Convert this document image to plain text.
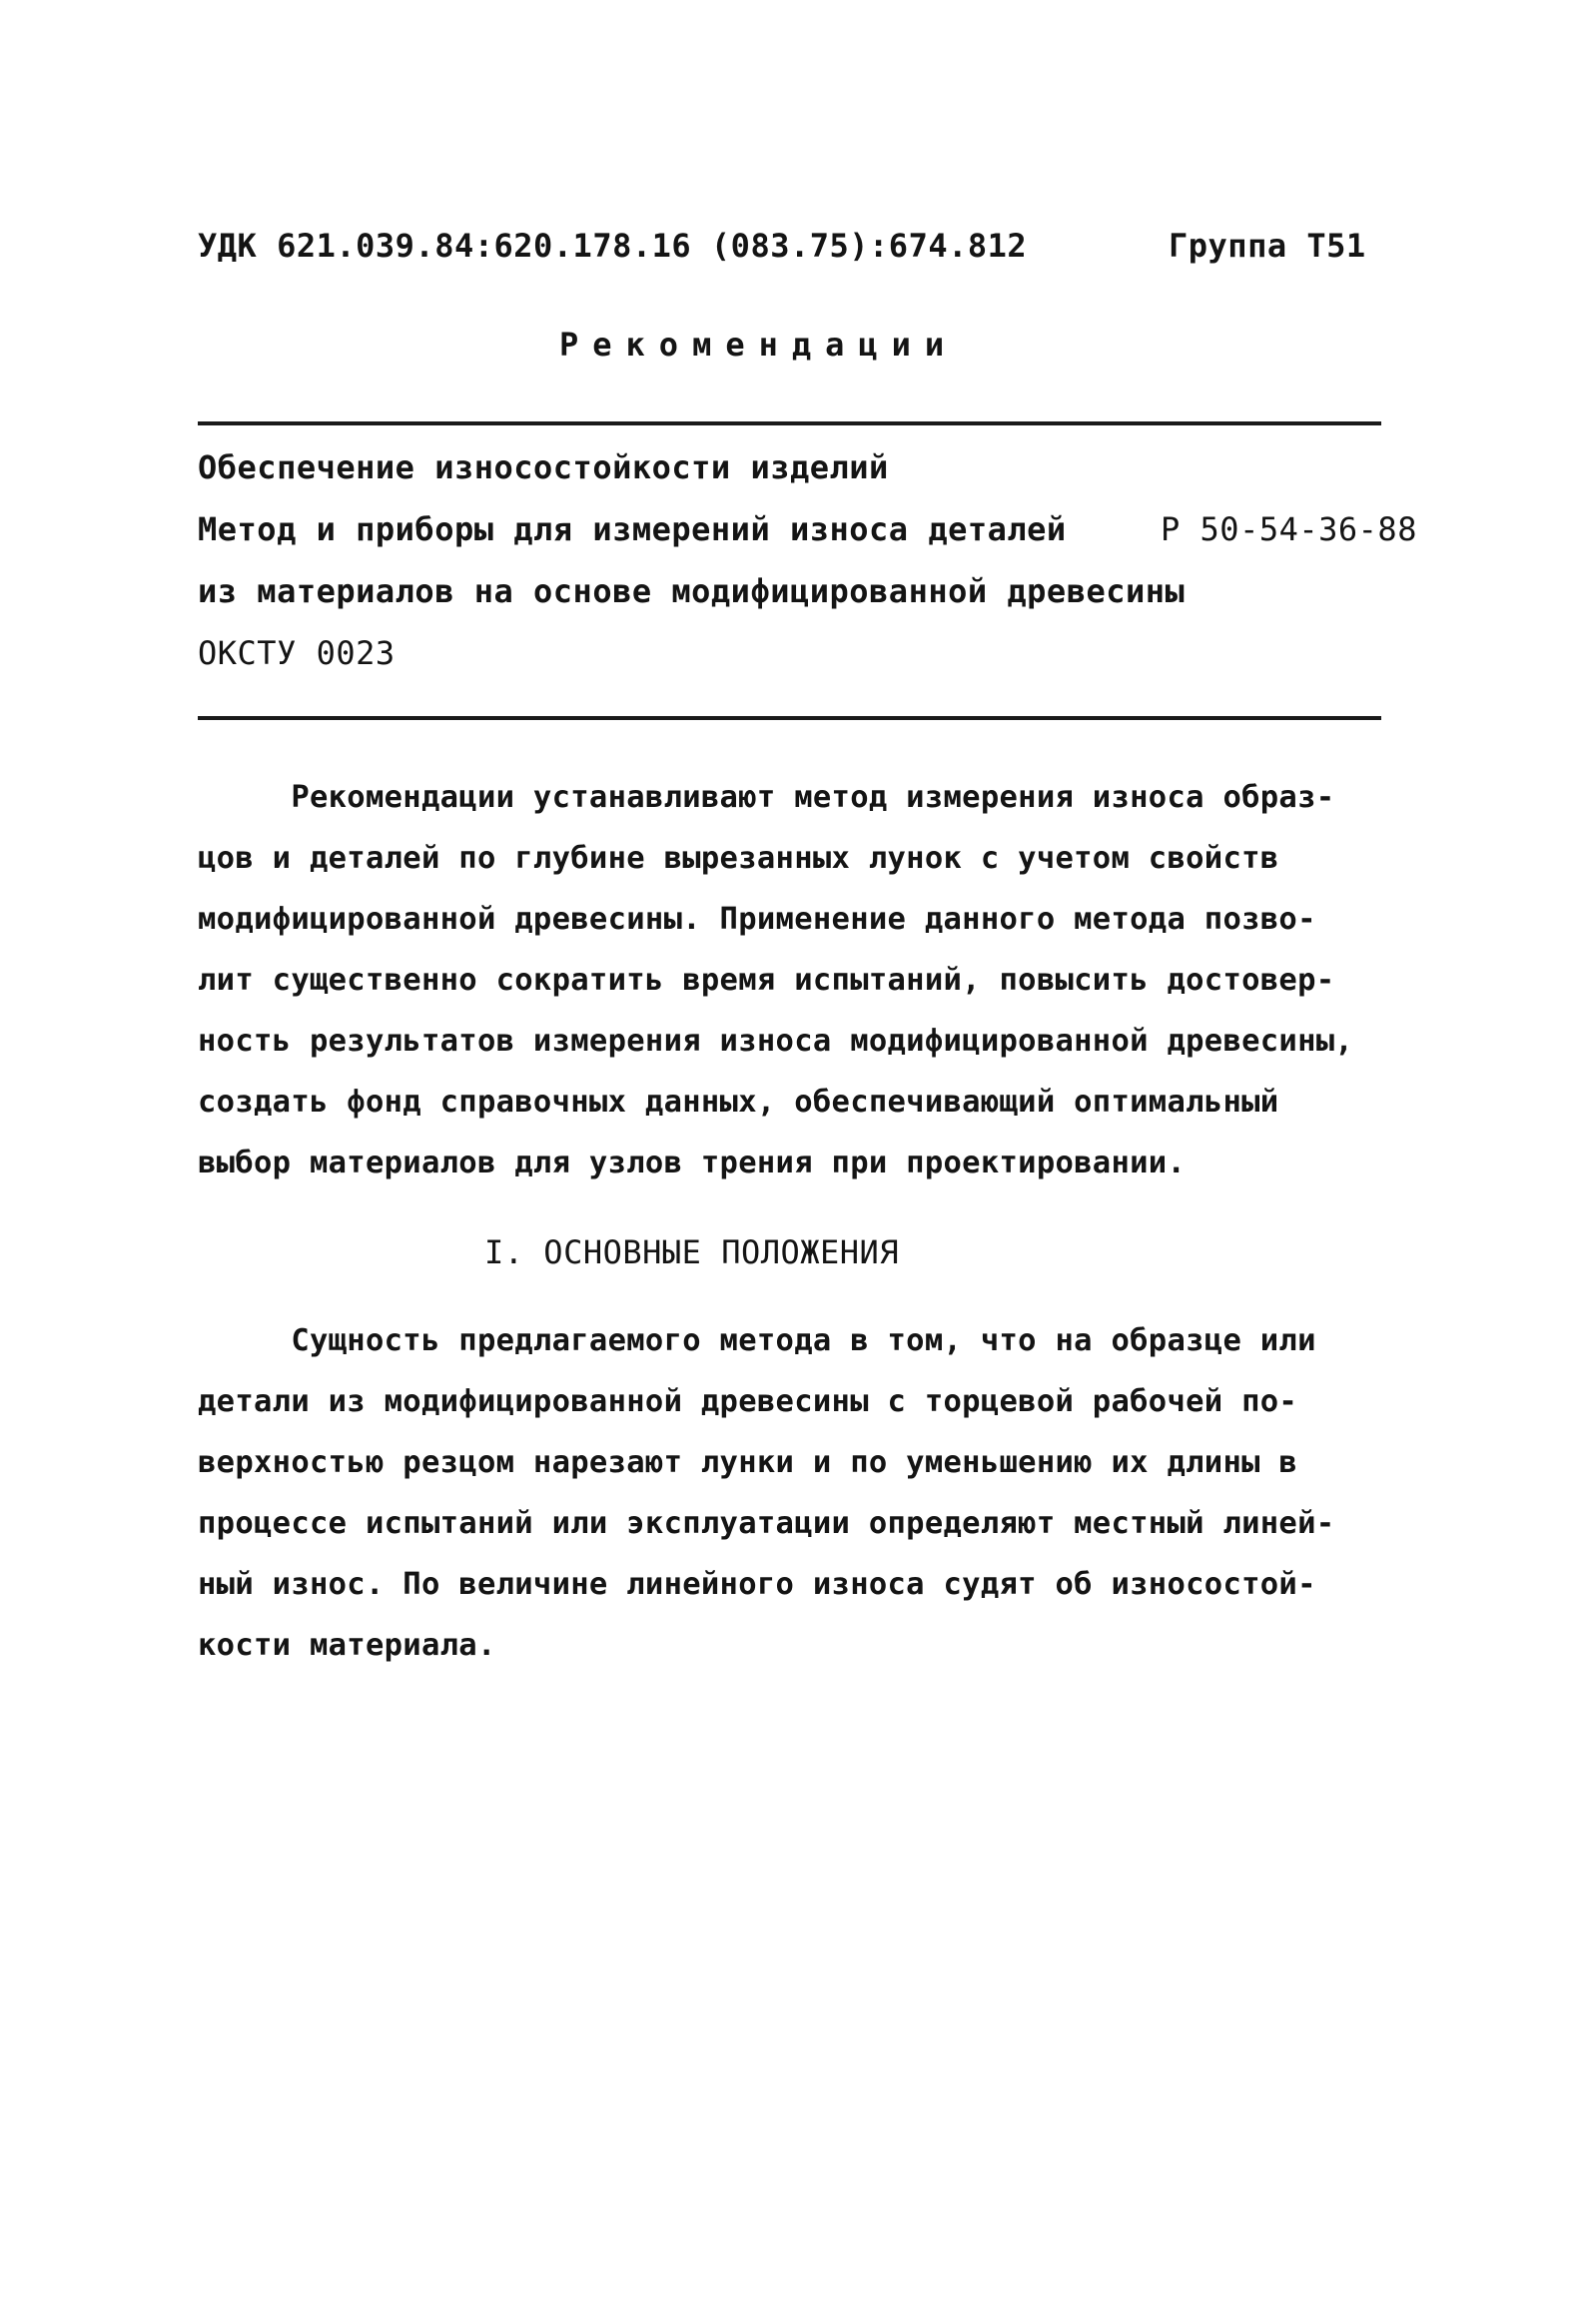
УДК 621.039.84:620.178.16 (083.75):674.812	Группа Т51
Рекомендации
Обеспечение износостойкости изделий
Метод и приборы для измерений износа деталей	Р 50-54-36-88
из материалов на основе модифицированной древесины
ОКСТУ 0023
Рекомендации устанавливают метод измерения износа образ-
цов и деталей по глубине вырезанных лунок с учетом свойств
модифицированной древесины. Применение данного метода позво-
лит существенно сократить время испытаний, повысить достовер-
ность результатов измерения износа модифицированной древесины,
создать фонд справочных данных, обеспечивающий оптимальный
выбор материалов для узлов трения при проектировании.
I. ОСНОВНЫЕ ПОЛОЖЕНИЯ
Сущность предлагаемого метода в том, что на образце или
детали из модифицированной древесины с торцевой рабочей по-
верхностью резцом нарезают лунки и по уменьшению их длины в
процессе испытаний или эксплуатации определяют местный линей-
ный износ. По величине линейного износа судят об износостой-
кости материала.
